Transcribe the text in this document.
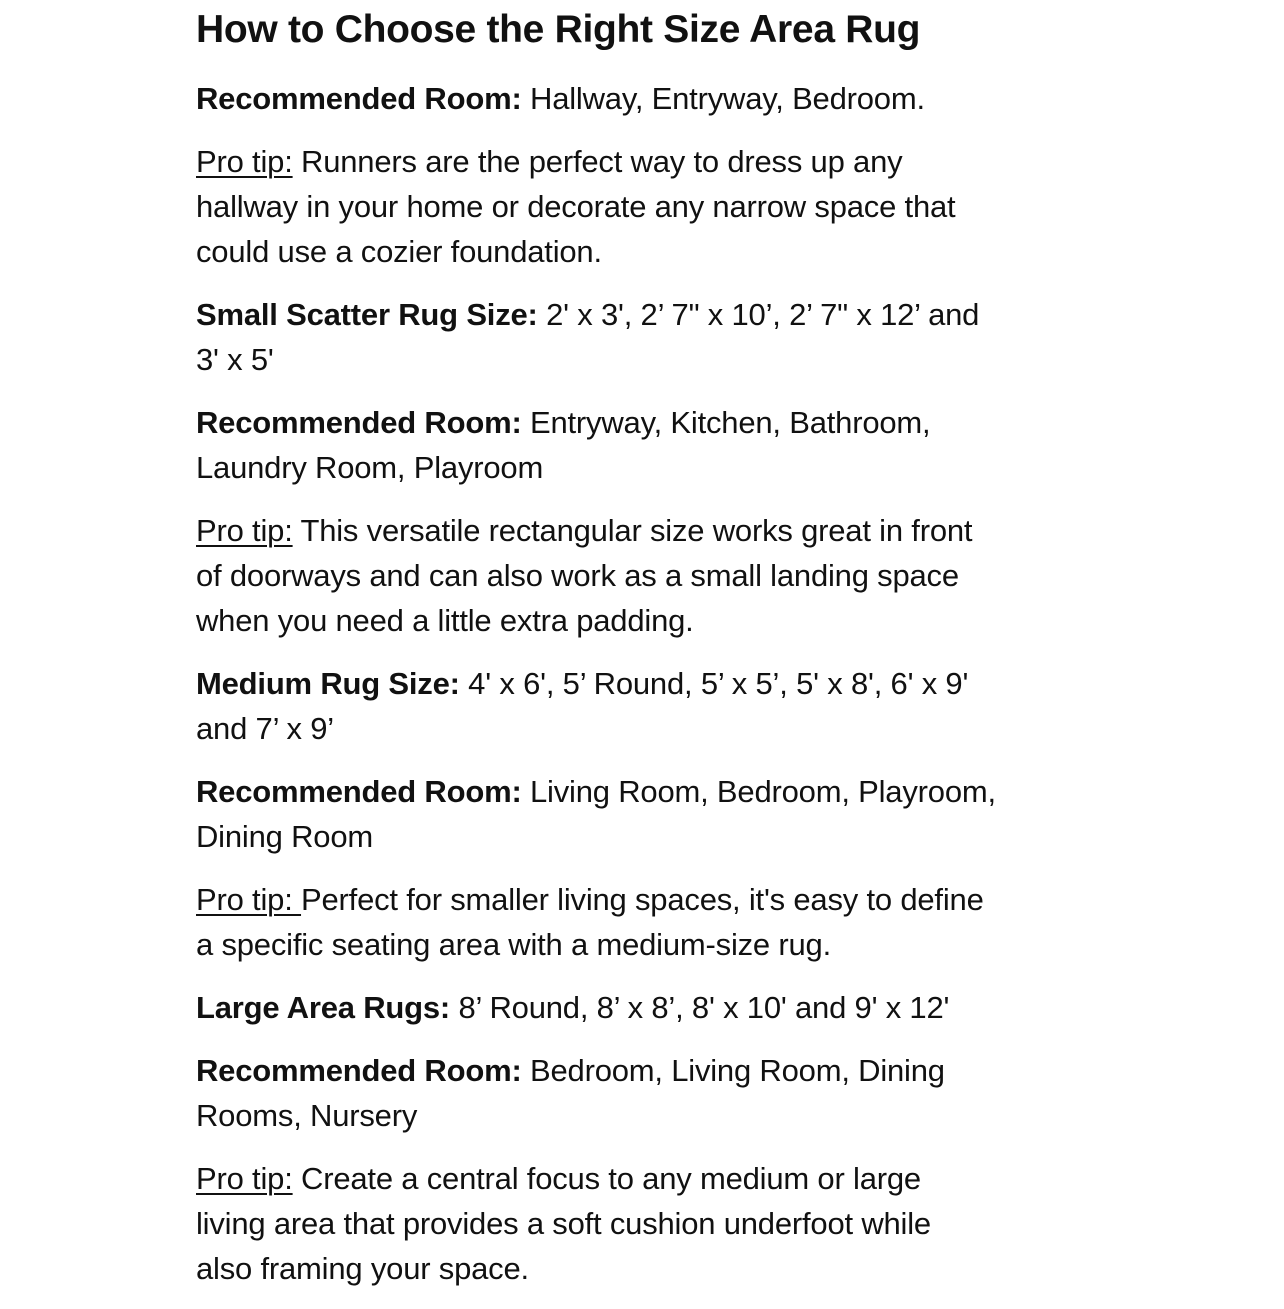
How to Choose the Right Size Area Rug
Recommended Room: Hallway, Entryway, Bedroom.
Pro tip: Runners are the perfect way to dress up any
hallway in your home or decorate any narrow space that
could use a cozier foundation.
Small Scatter Rug Size: 2' x 3', 2’ 7" x 10’, 2’ 7" x 12’ and
3' x 5'
Recommended Room: Entryway, Kitchen, Bathroom,
Laundry Room, Playroom
Pro tip: This versatile rectangular size works great in front
of doorways and can also work as a small landing space
when you need a little extra padding.
Medium Rug Size: 4' x 6', 5’ Round, 5’ x 5’, 5' x 8', 6' x 9'
and 7’ x 9’
Recommended Room: Living Room, Bedroom, Playroom,
Dining Room
Pro tip: Perfect for smaller living spaces, it's easy to define
a specific seating area with a medium-size rug.
Large Area Rugs: 8’ Round, 8’ x 8’, 8' x 10' and 9' x 12'
Recommended Room: Bedroom, Living Room, Dining
Rooms, Nursery
Pro tip: Create a central focus to any medium or large
living area that provides a soft cushion underfoot while
also framing your space.
